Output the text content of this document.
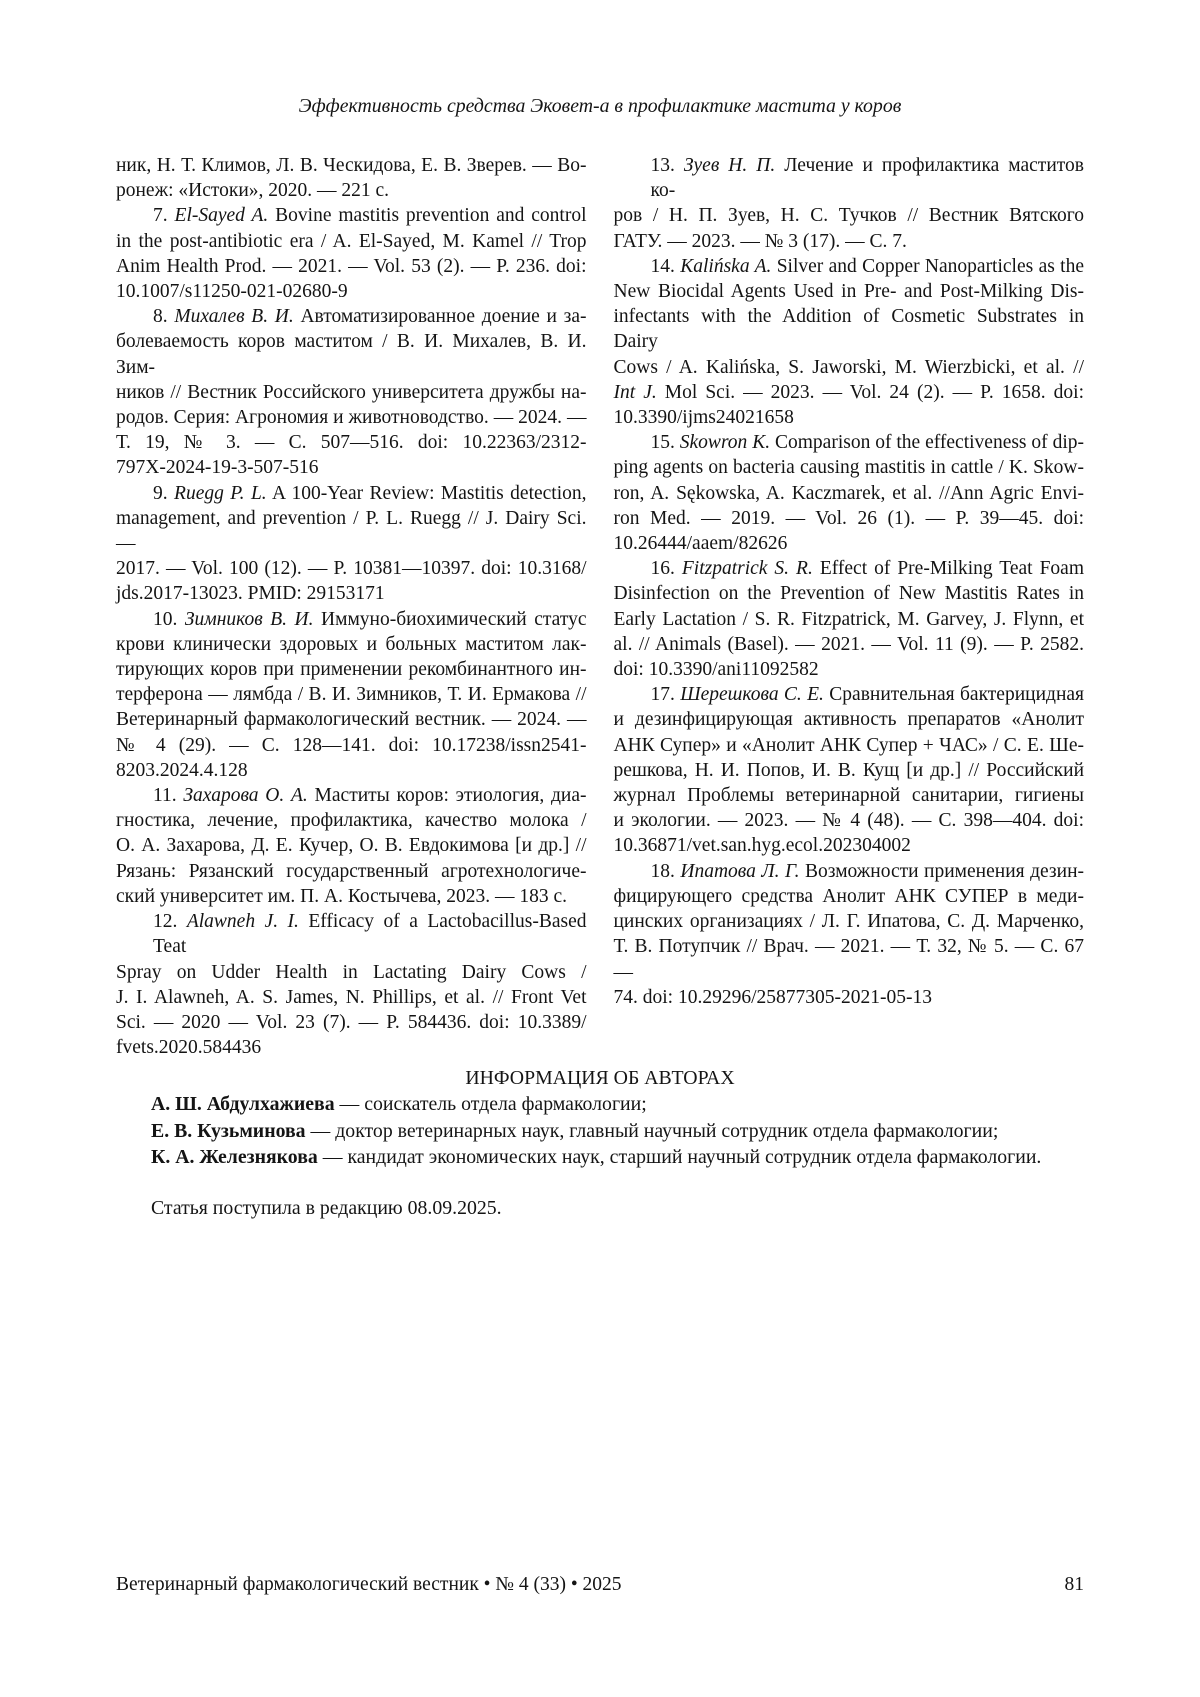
Эффективность средства Эковет-а в профилактике мастита у коров
ник, Н. Т. Климов, Л. В. Ческидова, Е. В. Зверев. — Во-
ронеж: «Истоки», 2020. — 221 с.
7. El-Sayed A. Bovine mastitis prevention and control
in the post-antibiotic era / A. El-Sayed, M. Kamel // Trop
Anim Health Prod. — 2021. — Vol. 53 (2). — P. 236. doi:
10.1007/s11250-021-02680-9
8. Михалев В. И. Автоматизированное доение и за-
болеваемость коров маститом / В. И. Михалев, В. И. Зим-
ников // Вестник Российского университета дружбы на-
родов. Серия: Агрономия и животноводство. — 2024. —
Т. 19, № 3. — С. 507—516. doi: 10.22363/2312-
797X-2024-19-3-507-516
9. Ruegg P. L. A 100-Year Review: Mastitis detection,
management, and prevention / P. L. Ruegg // J. Dairy Sci. —
2017. — Vol. 100 (12). — P. 10381—10397. doi: 10.3168/
jds.2017-13023. PMID: 29153171
10. Зимников В. И. Иммуно-биохимический статус
крови клинически здоровых и больных маститом лак-
тирующих коров при применении рекомбинантного ин-
терферона — лямбда / В. И. Зимников, Т. И. Ермакова //
Ветеринарный фармакологический вестник. — 2024. —
№ 4 (29). — С. 128—141. doi: 10.17238/issn2541-
8203.2024.4.128
11. Захарова О. А. Маститы коров: этиология, диа-
гностика, лечение, профилактика, качество молока /
О. А. Захарова, Д. Е. Кучер, О. В. Евдокимова [и др.] //
Рязань: Рязанский государственный агротехнологиче-
ский университет им. П. А. Костычева, 2023. — 183 с.
12. Alawneh J. I. Efficacy of a Lactobacillus-Based Teat
Spray on Udder Health in Lactating Dairy Cows /
J. I. Alawneh, A. S. James, N. Phillips, et al. // Front Vet
Sci. — 2020 — Vol. 23 (7). — P. 584436. doi: 10.3389/
fvets.2020.584436
13. Зуев Н. П. Лечение и профилактика маститов ко-
ров / Н. П. Зуев, Н. С. Тучков // Вестник Вятского
ГАТУ. — 2023. — № 3 (17). — С. 7.
14. Kalińska A. Silver and Copper Nanoparticles as the
New Biocidal Agents Used in Pre- and Post-Milking Dis-
infectants with the Addition of Cosmetic Substrates in Dairy
Cows / A. Kalińska, S. Jaworski, M. Wierzbicki, et al. //
Int J. Mol Sci. — 2023. — Vol. 24 (2). — P. 1658. doi:
10.3390/ijms24021658
15. Skowron K. Comparison of the effectiveness of dip-
ping agents on bacteria causing mastitis in cattle / K. Skow-
ron, A. Sękowska, A. Kaczmarek, et al. //Ann Agric Envi-
ron Med. — 2019. — Vol. 26 (1). — P. 39—45. doi:
10.26444/aaem/82626
16. Fitzpatrick S. R. Effect of Pre-Milking Teat Foam
Disinfection on the Prevention of New Mastitis Rates in
Early Lactation / S. R. Fitzpatrick, M. Garvey, J. Flynn, et
al. // Animals (Basel). — 2021. — Vol. 11 (9). — P. 2582.
doi: 10.3390/ani11092582
17. Шерешкова С. Е. Сравнительная бактерицидная
и дезинфицирующая активность препаратов «Анолит
АНК Супер» и «Анолит АНК Супер + ЧАС» / С. Е. Ше-
решкова, Н. И. Попов, И. В. Кущ [и др.] // Российский
журнал Проблемы ветеринарной санитарии, гигиены
и экологии. — 2023. — № 4 (48). — С. 398—404. doi:
10.36871/vet.san.hyg.ecol.202304002
18. Ипатова Л. Г. Возможности применения дезин-
фицирующего средства Анолит АНК СУПЕР в меди-
цинских организациях / Л. Г. Ипатова, С. Д. Марченко,
Т. В. Потупчик // Врач. — 2021. — Т. 32, № 5. — С. 67—
74. doi: 10.29296/25877305-2021-05-13
ИНФОРМАЦИЯ ОБ АВТОРАХ
А. Ш. Абдулхажиева — соискатель отдела фармакологии;
Е. В. Кузьминова — доктор ветеринарных наук, главный научный сотрудник отдела фармакологии;
К. А. Железнякова — кандидат экономических наук, старший научный сотрудник отдела фармакологии.
Статья поступила в редакцию 08.09.2025.
Ветеринарный фармакологический вестник • № 4 (33) • 2025	81
